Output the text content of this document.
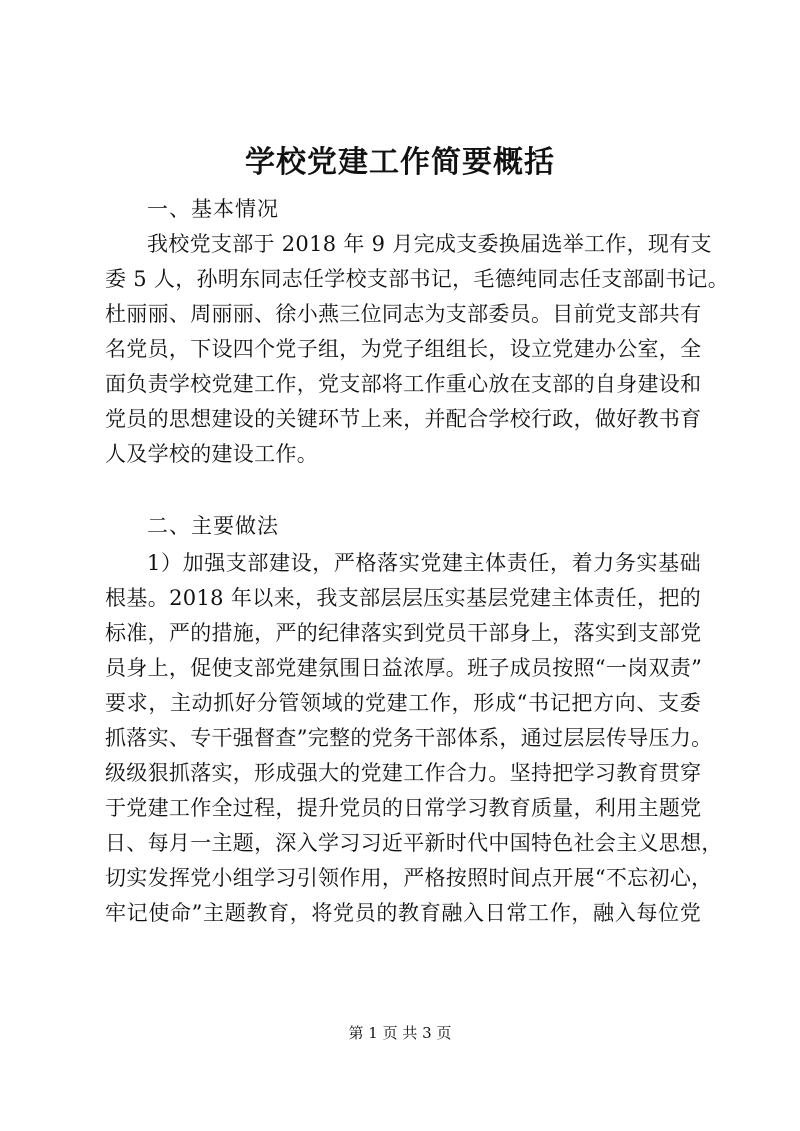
学校党建工作简要概括
一、基本情况
我校党支部于 2018 年 9 月完成支委换届选举工作，现有支
委 5 人，孙明东同志任学校支部书记，毛德纯同志任支部副书记。
杜丽丽、周丽丽、徐小燕三位同志为支部委员。目前党支部共有
名党员，下设四个党子组，为党子组组长，设立党建办公室，全
面负责学校党建工作，党支部将工作重心放在支部的自身建设和
党员的思想建设的关键环节上来，并配合学校行政，做好教书育
人及学校的建设工作。
二、主要做法
1）加强支部建设，严格落实党建主体责任，着力务实基础
根基。2018 年以来，我支部层层压实基层党建主体责任，把的
标准，严的措施，严的纪律落实到党员干部身上，落实到支部党
员身上，促使支部党建氛围日益浓厚。班子成员按照“一岗双责”
要求，主动抓好分管领域的党建工作，形成“书记把方向、支委
抓落实、专干强督查”完整的党务干部体系，通过层层传导压力。
级级狠抓落实，形成强大的党建工作合力。坚持把学习教育贯穿
于党建工作全过程，提升党员的日常学习教育质量，利用主题党
日、每月一主题，深入学习习近平新时代中国特色社会主义思想，
切实发挥党小组学习引领作用，严格按照时间点开展“不忘初心，
牢记使命”主题教育，将党员的教育融入日常工作，融入每位党
第 1 页 共 3 页
